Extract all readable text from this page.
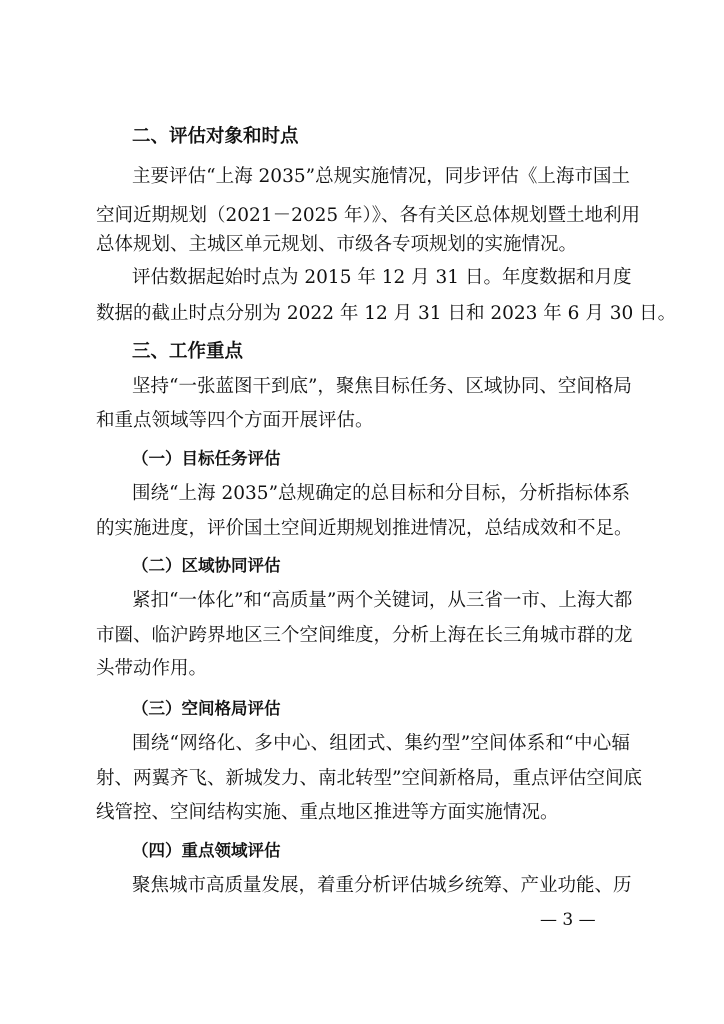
二、评估对象和时点
主要评估“上海 2035”总规实施情况，同步评估《上海市国土
空间近期规划（2021－2025 年）》、各有关区总体规划暨土地利用
总体规划、主城区单元规划、市级各专项规划的实施情况。
评估数据起始时点为 2015 年 12 月 31 日。年度数据和月度
数据的截止时点分别为 2022 年 12 月 31 日和 2023 年 6 月 30 日。
三、工作重点
坚持“一张蓝图干到底”，聚焦目标任务、区域协同、空间格局
和重点领域等四个方面开展评估。
（一）目标任务评估
围绕“上海 2035”总规确定的总目标和分目标，分析指标体系
的实施进度，评价国土空间近期规划推进情况，总结成效和不足。
（二）区域协同评估
紧扣“一体化”和“高质量”两个关键词，从三省一市、上海大都
市圈、临沪跨界地区三个空间维度，分析上海在长三角城市群的龙
头带动作用。
（三）空间格局评估
围绕“网络化、多中心、组团式、集约型”空间体系和“中心辐
射、两翼齐飞、新城发力、南北转型”空间新格局，重点评估空间底
线管控、空间结构实施、重点地区推进等方面实施情况。
（四）重点领域评估
聚焦城市高质量发展，着重分析评估城乡统筹、产业功能、历
— 3 —
